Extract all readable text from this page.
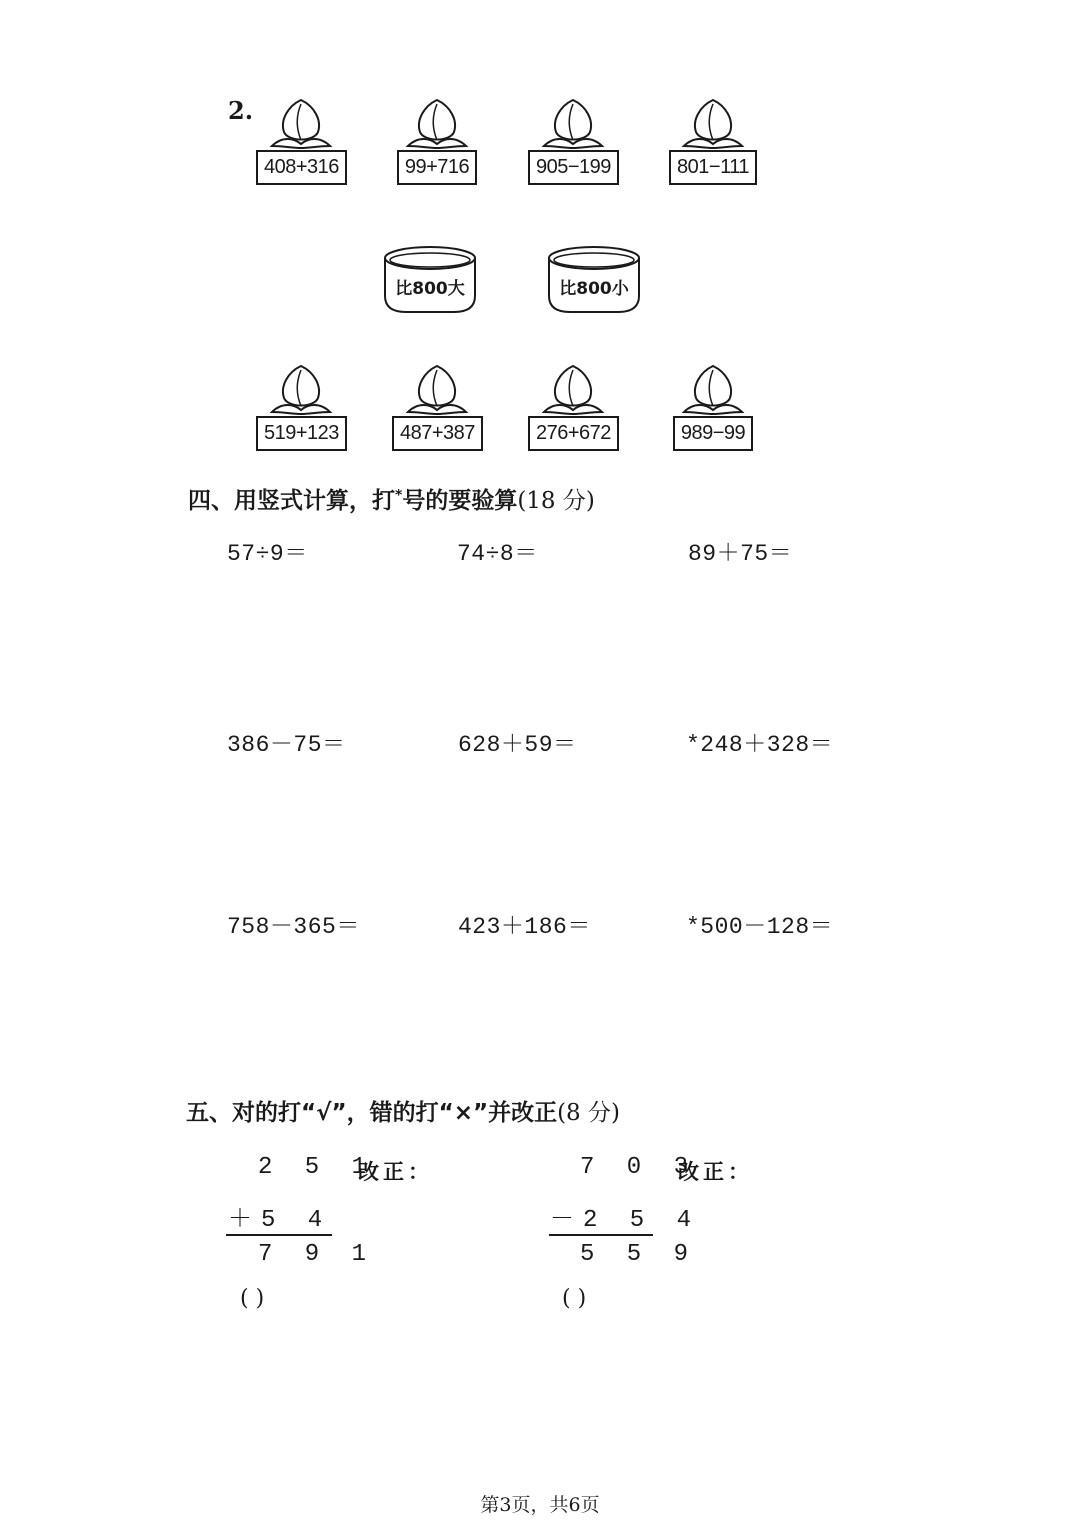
2.
408+316	99+716	905−199	801−111
比800大	比800小
519+123	487+387	276+672	989−99
四、用竖式计算，打*号的要验算(18 分)
57÷9＝	74÷8＝	89＋75＝
386－75＝	628＋59＝	*248＋328＝
758－365＝	423＋186＝	*500－128＝
五、对的打“√”，错的打“×”并改正(8 分)
2 5 1
改正：
＋5 4
7 9 1
( )
7 0 3
改正：
－2 5 4
5 5 9
( )
第3页，共6页
